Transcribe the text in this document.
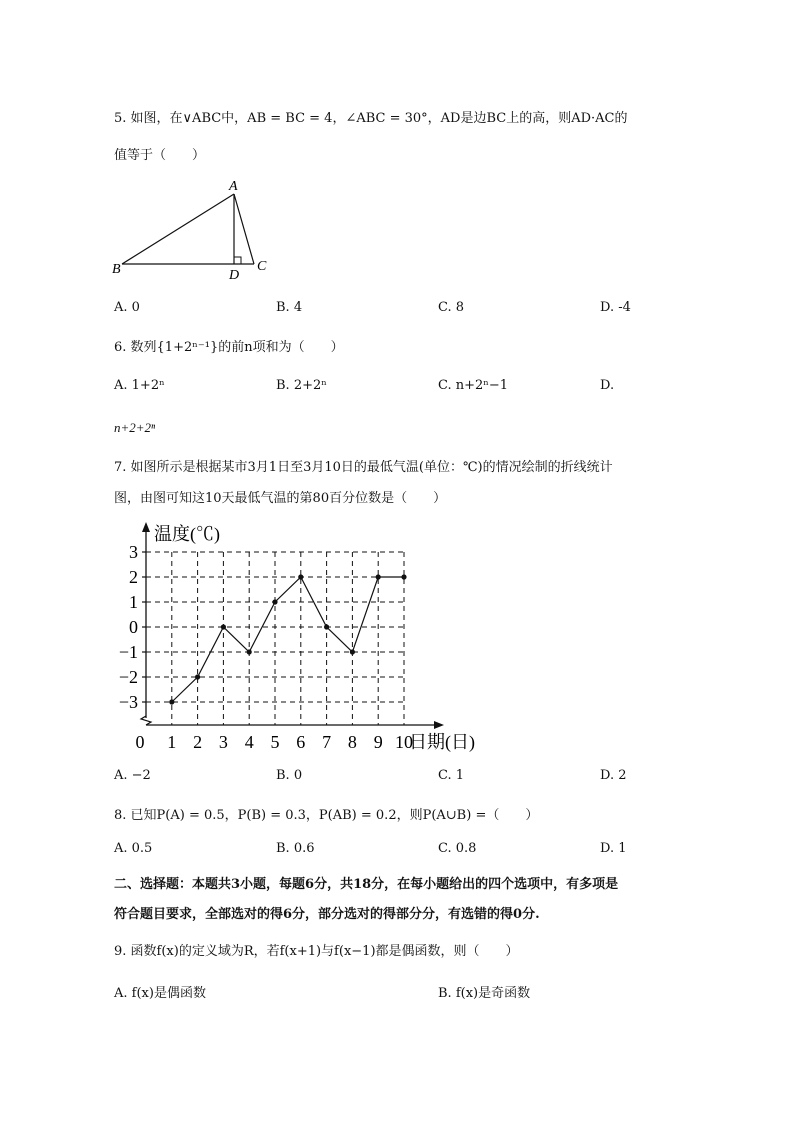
5. 如图，在∨ABC中，AB = BC = 4，∠ABC = 30°，AD是边BC上的高，则AD·AC的
值等于（　　）
A
B	C
D
A. 0	B. 4	C. 8	D. -4
6. 数列{1+2ⁿ⁻¹}的前n项和为（　　）
A. 1+2ⁿ	B. 2+2ⁿ	C. n+2ⁿ−1	D.
n+2+2ⁿ
7. 如图所示是根据某市3月1日至3月10日的最低气温(单位：℃)的情况绘制的折线统计
图，由图可知这10天最低气温的第80百分位数是（　　）
温度(℃)
日期(日)
3
2
1
0
−1
−2
−3
0 1 2 3 4 5 6 7 8 9 10
A. −2	B. 0	C. 1	D. 2
8. 已知P(A) = 0.5，P(B) = 0.3，P(AB) = 0.2，则P(A∪B) =（　　）
A. 0.5	B. 0.6	C. 0.8	D. 1
二、选择题：本题共3小题，每题6分，共18分，在每小题给出的四个选项中，有多项是
符合题目要求，全部选对的得6分，部分选对的得部分分，有选错的得0分.
9. 函数f(x)的定义域为R，若f(x+1)与f(x−1)都是偶函数，则（　　）
A. f(x)是偶函数	B. f(x)是奇函数
